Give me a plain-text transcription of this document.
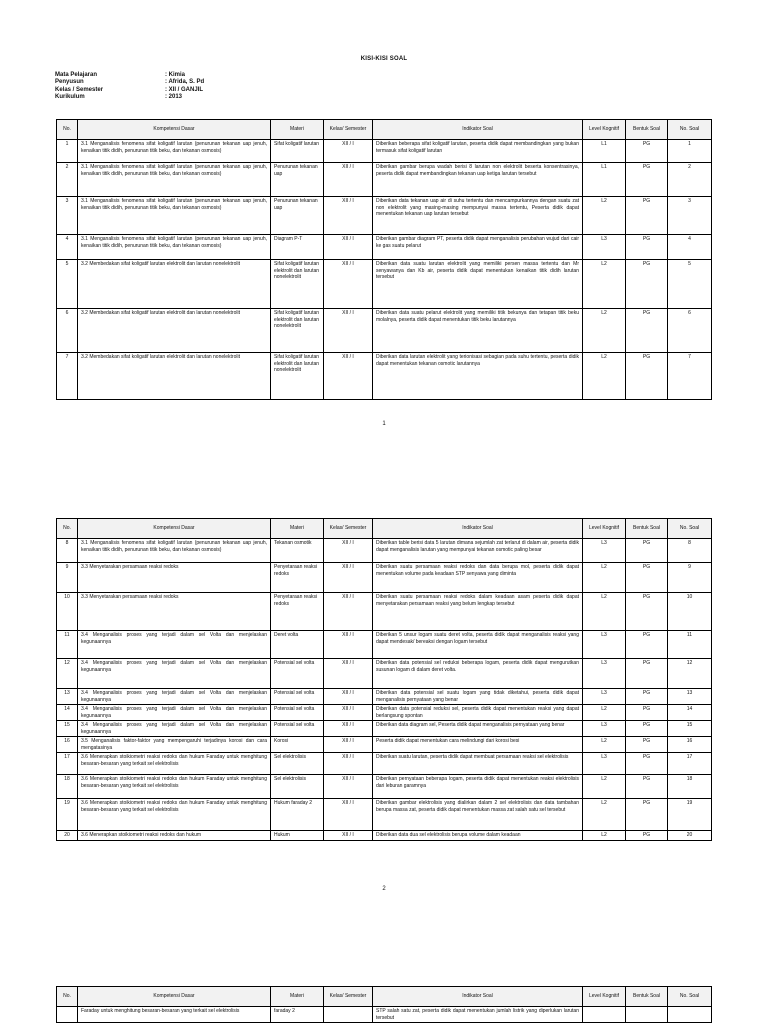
KISI-KISI SOAL
Mata Pelajaran	: Kimia
Penyusun	: Afrida, S. Pd
Kelas / Semester	: XII / GANJIL
Kurikulum	: 2013
No.	Kompetensi Dasar	Materi	Kelas/ Semester	Indikator Soal	Level Kognitif	Bentuk Soal	No. Soal
1	3.1 Menganalisis fenomena sifat koligatif larutan (penurunan tekanan uap jenuh, kenaikan titik didih, penurunan titik beku, dan tekanan osmosis)	Sifat koligatif larutan	XII / I	Diberikan beberapa sifat koligatif larutan, peserta didik dapat membandingkan yang bukan termasuk sifat koligatif larutan	L1	PG	1
2	3.1 Menganalisis fenomena sifat koligatif larutan (penurunan tekanan uap jenuh, kenaikan titik didih, penurunan titik beku, dan tekanan osmosis)	Penurunan tekanan uap	XII / I	Diberikan gambar berupa wadah berisi 8 larutan non elektrolit beserta konsentrasinya, peserta didik dapat membandingkan tekanan uap ketiga larutan tersebut	L1	PG	2
3	3.1 Menganalisis fenomena sifat koligatif larutan (penurunan tekanan uap jenuh, kenaikan titik didih, penurunan titik beku, dan tekanan osmosis)	Penurunan tekanan uap	XII / I	Diberikan data tekanan uap air di suhu tertentu dan mencampurkannya dengan suatu zat non elektrolit yang masing-masing mempunyai massa tertentu, Peserta didik dapat menentukan tekanan uap larutan tersebut	L2	PG	3
4	3.1 Menganalisis fenomena sifat koligatif larutan (penurunan tekanan uap jenuh, kenaikan titik didih, penurunan titik beku, dan tekanan osmosis)	Diagram P-T	XII / I	Diberikan gambar diagram PT, peserta didik dapat menganalisis perubahan wujud dari cair ke gas suatu pelarut	L3	PG	4
5	3.2 Membedakan sifat koligatif larutan elektrolit dan larutan nonelektrolit	Sifat koligatif larutan elektrolit dan larutan nonelektrolit	XII / I	Diberikan data suatu larutan elektrolit yang memiliki persen massa tertentu dan Mr senyawanya dan Kb air, peserta didik dapat menentukan kenaikan titik didih larutan tersebut	L2	PG	5
6	3.2 Membedakan sifat koligatif larutan elektrolit dan larutan nonelektrolit	Sifat koligatif larutan elektrolit dan larutan nonelektrolit	XII / I	Diberikan data suatu pelarut elektrolit yang memiliki titik bekunya dan tetapan titik beku molalnya, peserta didik dapat menentukan titik beku larutannya	L2	PG	6
7	3.2 Membedakan sifat koligatif larutan elektrolit dan larutan nonelektrolit	Sifat koligatif larutan elektrolit dan larutan nonelektrolit	XII / I	Diberikan data larutan elektrolit yang terionisasi sebagian pada suhu tertentu, peserta didik dapat menentukan tekanan osmotic larutannya	L2	PG	7
1
No.	Kompetensi Dasar	Materi	Kelas/ Semester	Indikator Soal	Level Kognitif	Bentuk Soal	No. Soal
8	3.1 Menganalisis fenomena sifat koligatif larutan (penurunan tekanan uap jenuh, kenaikan titik didih, penurunan titik beku, dan tekanan osmosis)	Tekanan osmotik	XII / I	Diberikan table berisi data 5 larutan dimana sejumlah zat terlarut di dalam air, peserta didik dapat menganalisis larutan yang mempunyai tekanan osmotic paling besar	L3	PG	8
9	3.3 Menyetarakan persamaan reaksi redoks	Penyetaraan reaksi redoks	XII / I	Diberikan suatu persamaan reaksi redoks dan data berupa mol, peserta didik dapat menentukan volume pada keadaan STP senyawa yang diminta	L2	PG	9
10	3.3 Menyetarakan persamaan reaksi redoks	Penyetaraan reaksi redoks	XII / I	Diberikan suatu persamaan reaksi redoks dalam keadaan asam peserta didik dapat menyetarakan persamaan reaksi yang belum lengkap tersebut	L2	PG	10
11	3.4 Menganalisis proses yang terjadi dalam sel Volta dan menjelaskan kegunaannya	Deret volta	XII / I	Diberikan 5 unsur logam suatu deret volta, peserta didik dapat menganalisis reaksi yang dapat mendesak/ bereaksi dengan logam tersebut	L3	PG	11
12	3.4 Menganalisis proses yang terjadi dalam sel Volta dan menjelaskan kegunaannya	Potensial sel volta	XII / I	Diberikan data potensial sel reduksi beberapa logam, peserta didik dapat mengurutkan susunan logam di dalam deret volta.	L3	PG	12
13	3.4 Menganalisis proses yang terjadi dalam sel Volta dan menjelaskan kegunaannya	Potensial sel volta	XII / I	Diberikan data potensial sel suatu logam yang tidak diketahui, peserta didik dapat menganalisis pernyataan yang benar	L3	PG	13
14	3.4 Menganalisis proses yang terjadi dalam sel Volta dan menjelaskan kegunaannya	Potensial sel volta	XII / I	Diberikan data potensial reduksi sel, peserta didik dapat menentukan reaksi yang dapat berlangsung spontan	L2	PG	14
15	3.4 Menganalisis proses yang terjadi dalam sel Volta dan menjelaskan kegunaannya	Potensial sel volta	XII / I	Diberikan data diagram sel, Peserta didik dapat menganalisis pernyataan yang benar	L3	PG	15
16	3.5 Menganalisis faktor-faktor yang mempengaruhi terjadinya korosi dan cara mengatasinya	Korosi	XII / I	Peserta didik dapat menentukan cara melindungi dari korosi besi	L2	PG	16
17	3.6 Menerapkan stoikiometri reaksi redoks dan hukum Faraday untuk menghitung besaran-besaran yang terkait sel elektrolisis	Sel elektrolisis	XII / I	Diberikan suatu larutan, peserta didik dapat membuat persamaan reaksi sel elektrolisis	L3	PG	17
18	3.6 Menerapkan stoikiometri reaksi redoks dan hukum Faraday untuk menghitung besaran-besaran yang terkait sel elektrolisis	Sel elektrolisis	XII / I	Diberikan pernyataan beberapa logam, peserta didik dapat menentukan reaksi elektrolisis dari leburan garamnya	L2	PG	18
19	3.6 Menerapkan stoikiometri reaksi redoks dan hukum Faraday untuk menghitung besaran-besaran yang terkait sel elektrolisis	Hukum faraday 2	XII / I	Diberikan gambar elektrolisis yang dialirkan dalam 2 sel elektrolisis dan data tambahan berupa massa zat, peserta didik dapat menentukan massa zat salah satu sel tersebut	L2	PG	19
20	3.6 Menerapkan stoikiometri reaksi redoks dan hukum	Hukum	XII / I	Diberikan data dua sel elektrolisis berupa volume dalam keadaan	L2	PG	20
2
No.	Kompetensi Dasar	Materi	Kelas/ Semester	Indikator Soal	Level Kognitif	Bentuk Soal	No. Soal
	Faraday untuk menghitung besaran-besaran yang terkait sel elektrolisis	faraday 2		STP salah satu zat, peserta didik dapat menentukan jumlah listrik yang diperlukan larutan tersebut			
